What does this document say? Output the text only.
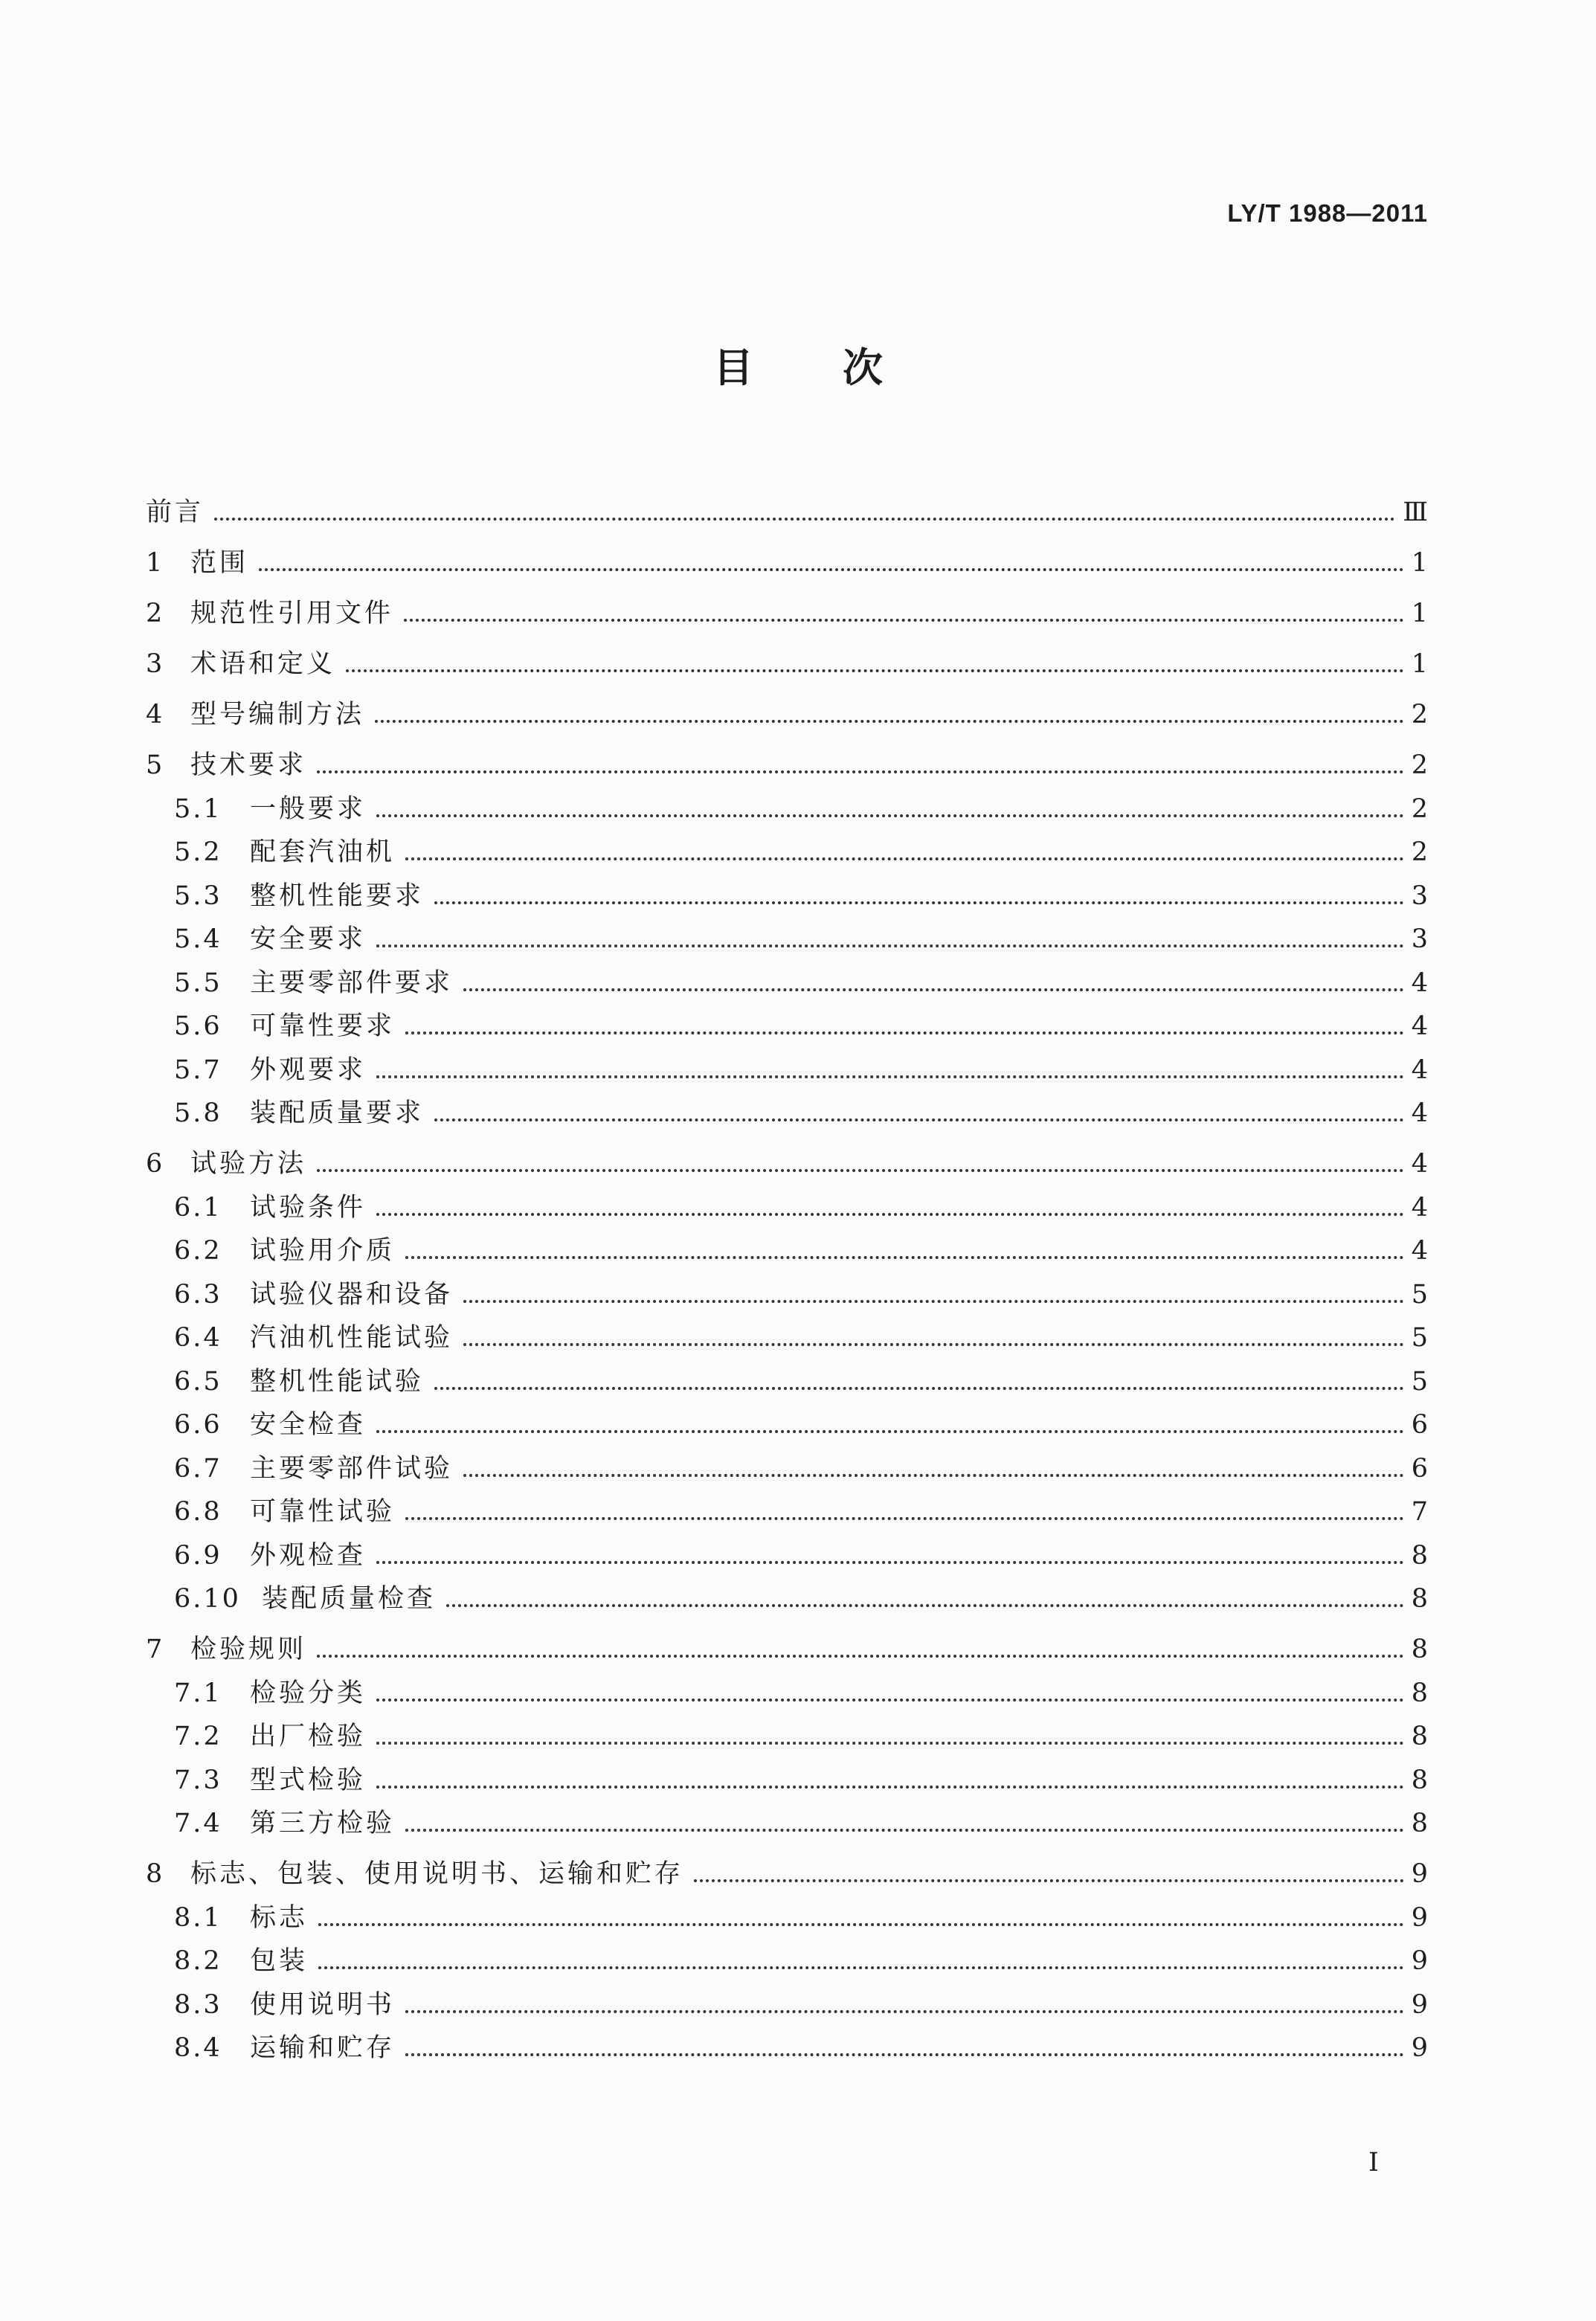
LY/T 1988—2011
目次
前言	Ⅲ
1	范围	1
2	规范性引用文件	1
3	术语和定义	1
4	型号编制方法	2
5	技术要求	2
5.1	一般要求	2
5.2	配套汽油机	2
5.3	整机性能要求	3
5.4	安全要求	3
5.5	主要零部件要求	4
5.6	可靠性要求	4
5.7	外观要求	4
5.8	装配质量要求	4
6	试验方法	4
6.1	试验条件	4
6.2	试验用介质	4
6.3	试验仪器和设备	5
6.4	汽油机性能试验	5
6.5	整机性能试验	5
6.6	安全检查	6
6.7	主要零部件试验	6
6.8	可靠性试验	7
6.9	外观检查	8
6.10 装配质量检查	8
7	检验规则	8
7.1	检验分类	8
7.2	出厂检验	8
7.3	型式检验	8
7.4	第三方检验	8
8	标志、包装、使用说明书、运输和贮存	9
8.1	标志	9
8.2	包装	9
8.3	使用说明书	9
8.4	运输和贮存	9
I
